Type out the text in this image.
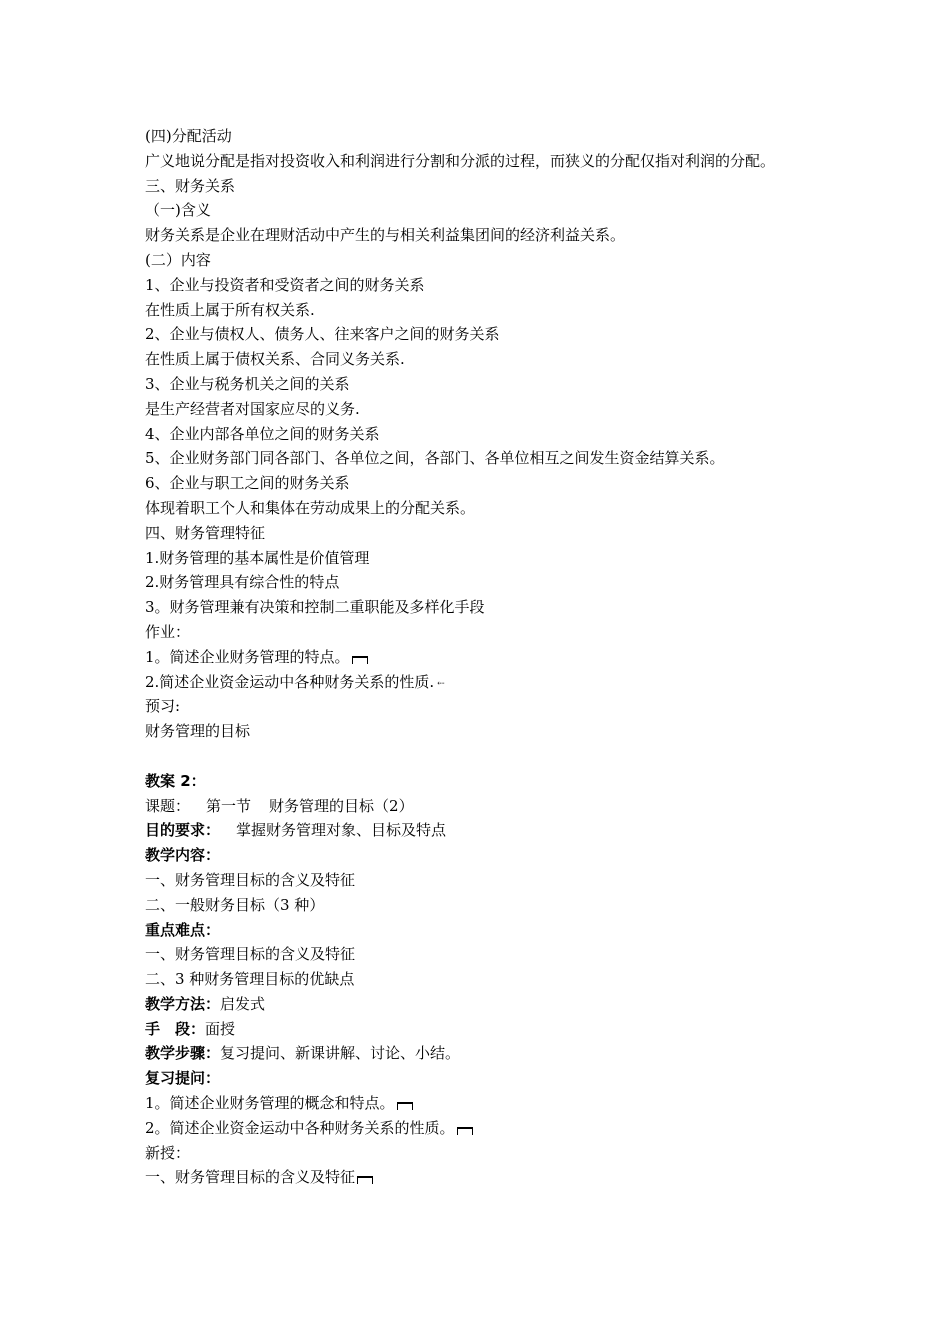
(四)分配活动
广义地说分配是指对投资收入和利润进行分割和分派的过程，而狭义的分配仅指对利润的分配。
三、财务关系
（一)含义
财务关系是企业在理财活动中产生的与相关利益集团间的经济利益关系。
(二）内容
1、企业与投资者和受资者之间的财务关系
在性质上属于所有权关系.
2、企业与债权人、债务人、往来客户之间的财务关系
在性质上属于债权关系、合同义务关系.
3、企业与税务机关之间的关系
是生产经营者对国家应尽的义务.
4、企业内部各单位之间的财务关系
5、企业财务部门同各部门、各单位之间，各部门、各单位相互之间发生资金结算关系。
6、企业与职工之间的财务关系
体现着职工个人和集体在劳动成果上的分配关系。
四、财务管理特征
1.财务管理的基本属性是价值管理
2.财务管理具有综合性的特点
3。财务管理兼有决策和控制二重职能及多样化手段
作业：
1。简述企业财务管理的特点。
2.简述企业资金运动中各种财务关系的性质. ⇠
预习:
财务管理的目标
教案 2：
课题： 第一节 财务管理的目标（2）
目的要求： 掌握财务管理对象、目标及特点
教学内容：
一、财务管理目标的含义及特征
二、一般财务目标（3 种）
重点难点：
一、财务管理目标的含义及特征
二、3 种财务管理目标的优缺点
教学方法：启发式
手　段：面授
教学步骤：复习提问、新课讲解、讨论、小结。
复习提问：
1。简述企业财务管理的概念和特点。
2。简述企业资金运动中各种财务关系的性质。
新授：
一、财务管理目标的含义及特征
